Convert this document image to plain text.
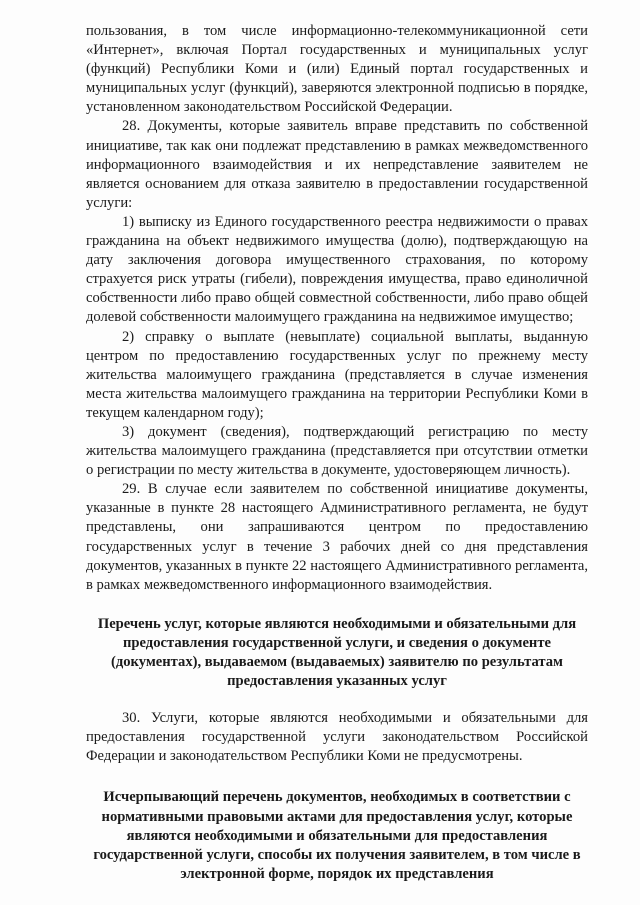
пользования, в том числе информационно-телекоммуникационной сети «Интернет», включая Портал государственных и муниципальных услуг (функций) Республики Коми и (или) Единый портал государственных и муниципальных услуг (функций), заверяются электронной подписью в порядке, установленном законодательством Российской Федерации.

28. Документы, которые заявитель вправе представить по собственной инициативе, так как они подлежат представлению в рамках межведомственного информационного взаимодействия и их непредставление заявителем не является основанием для отказа заявителю в предоставлении государственной услуги:

1) выписку из Единого государственного реестра недвижимости о правах гражданина на объект недвижимого имущества (долю), подтверждающую на дату заключения договора имущественного страхования, по которому страхуется риск утраты (гибели), повреждения имущества, право единоличной собственности либо право общей совместной собственности, либо право общей долевой собственности малоимущего гражданина на недвижимое имущество;

2) справку о выплате (невыплате) социальной выплаты, выданную центром по предоставлению государственных услуг по прежнему месту жительства малоимущего гражданина (представляется в случае изменения места жительства малоимущего гражданина на территории Республики Коми в текущем календарном году);

3) документ (сведения), подтверждающий регистрацию по месту жительства малоимущего гражданина (представляется при отсутствии отметки о регистрации по месту жительства в документе, удостоверяющем личность).

29. В случае если заявителем по собственной инициативе документы, указанные в пункте 28 настоящего Административного регламента, не будут представлены, они запрашиваются центром по предоставлению государственных услуг в течение 3 рабочих дней со дня представления документов, указанных в пункте 22 настоящего Административного регламента, в рамках межведомственного информационного взаимодействия.

Перечень услуг, которые являются необходимыми и обязательными для предоставления государственной услуги, и сведения о документе (документах), выдаваемом (выдаваемых) заявителю по результатам предоставления указанных услуг

30. Услуги, которые являются необходимыми и обязательными для предоставления государственной услуги законодательством Российской Федерации и законодательством Республики Коми не предусмотрены.

Исчерпывающий перечень документов, необходимых в соответствии с нормативными правовыми актами для предоставления услуг, которые являются необходимыми и обязательными для предоставления государственной услуги, способы их получения заявителем, в том числе в электронной форме, порядок их представления
